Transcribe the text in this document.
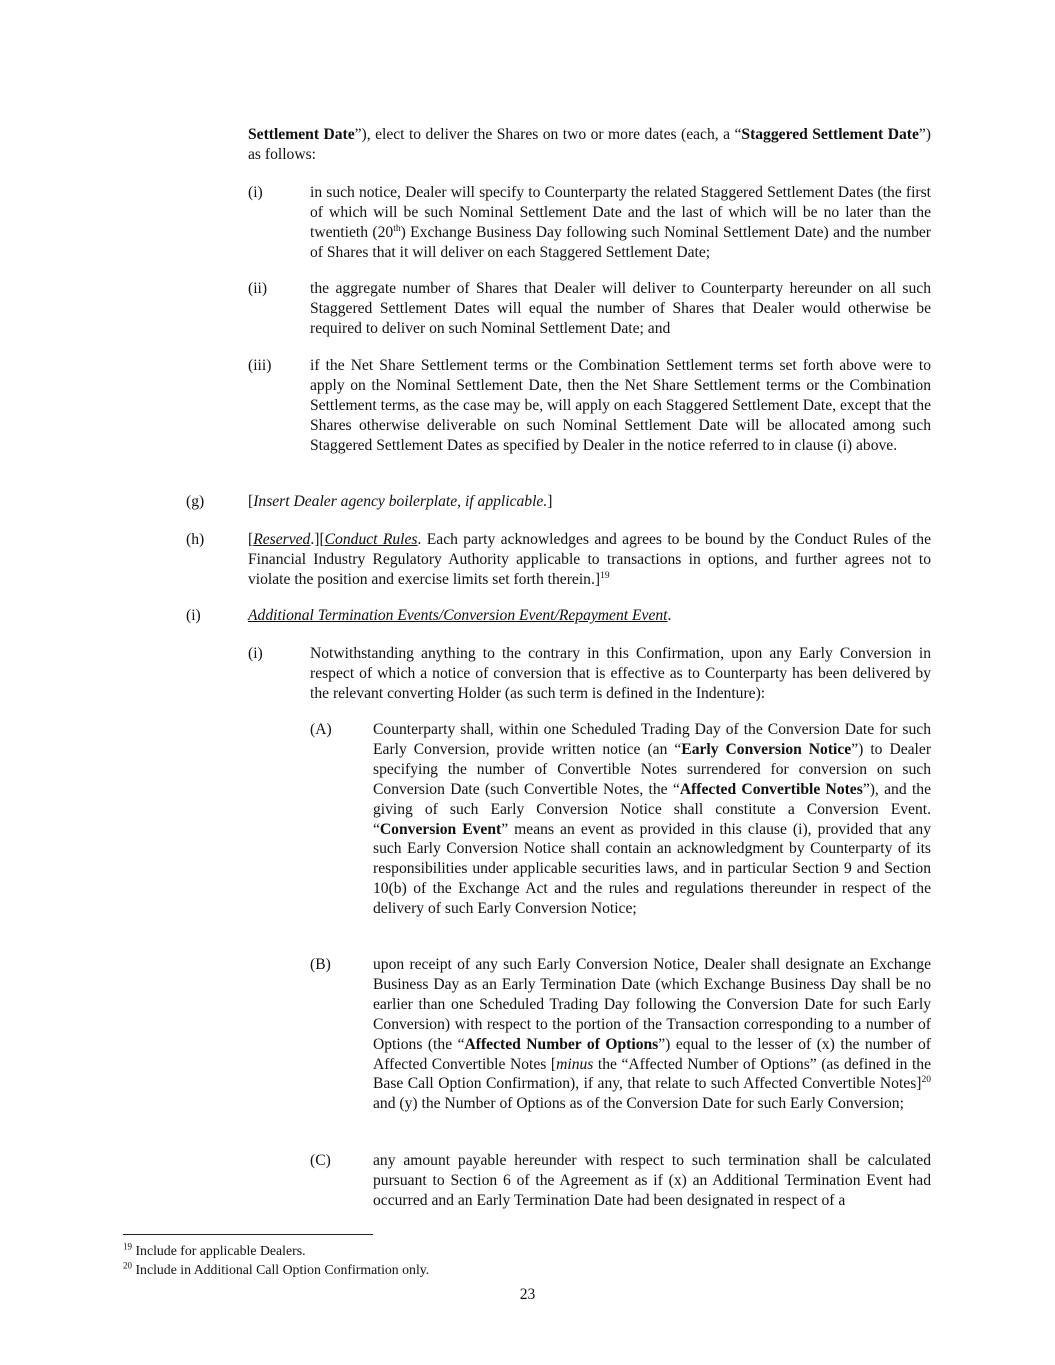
Settlement Date”), elect to deliver the Shares on two or more dates (each, a “Staggered Settlement Date”) as follows:
(i)	in such notice, Dealer will specify to Counterparty the related Staggered Settlement Dates (the first of which will be such Nominal Settlement Date and the last of which will be no later than the twentieth (20th) Exchange Business Day following such Nominal Settlement Date) and the number of Shares that it will deliver on each Staggered Settlement Date;
(ii)	the aggregate number of Shares that Dealer will deliver to Counterparty hereunder on all such Staggered Settlement Dates will equal the number of Shares that Dealer would otherwise be required to deliver on such Nominal Settlement Date; and
(iii) if the Net Share Settlement terms or the Combination Settlement terms set forth above were to apply on the Nominal Settlement Date, then the Net Share Settlement terms or the Combination Settlement terms, as the case may be, will apply on each Staggered Settlement Date, except that the Shares otherwise deliverable on such Nominal Settlement Date will be allocated among such Staggered Settlement Dates as specified by Dealer in the notice referred to in clause (i) above.
(g)	[Insert Dealer agency boilerplate, if applicable.]
(h)	[Reserved.][Conduct Rules. Each party acknowledges and agrees to be bound by the Conduct Rules of the Financial Industry Regulatory Authority applicable to transactions in options, and further agrees not to violate the position and exercise limits set forth therein.]$^{19}$
(i)	Additional Termination Events/Conversion Event/Repayment Event.
(i)	Notwithstanding anything to the contrary in this Confirmation, upon any Early Conversion in respect of which a notice of conversion that is effective as to Counterparty has been delivered by the relevant converting Holder (as such term is defined in the Indenture):
(A)	Counterparty shall, within one Scheduled Trading Day of the Conversion Date for such Early Conversion, provide written notice (an “Early Conversion Notice”) to Dealer specifying the number of Convertible Notes surrendered for conversion on such Conversion Date (such Convertible Notes, the “Affected Convertible Notes”), and the giving of such Early Conversion Notice shall constitute a Conversion Event. “Conversion Event” means an event as provided in this clause (i), provided that any such Early Conversion Notice shall contain an acknowledgment by Counterparty of its responsibilities under applicable securities laws, and in particular Section 9 and Section 10(b) of the Exchange Act and the rules and regulations thereunder in respect of the delivery of such Early Conversion Notice;
(B)	upon receipt of any such Early Conversion Notice, Dealer shall designate an Exchange Business Day as an Early Termination Date (which Exchange Business Day shall be no earlier than one Scheduled Trading Day following the Conversion Date for such Early Conversion) with respect to the portion of the Transaction corresponding to a number of Options (the “Affected Number of Options”) equal to the lesser of (x) the number of Affected Convertible Notes [minus the “Affected Number of Options” (as defined in the Base Call Option Confirmation), if any, that relate to such Affected Convertible Notes]$^{20}$ and (y) the Number of Options as of the Conversion Date for such Early Conversion;
(C)	any amount payable hereunder with respect to such termination shall be calculated pursuant to Section 6 of the Agreement as if (x) an Additional Termination Event had occurred and an Early Termination Date had been designated in respect of a
$^{19}$ Include for applicable Dealers.
$^{20}$ Include in Additional Call Option Confirmation only.
23
